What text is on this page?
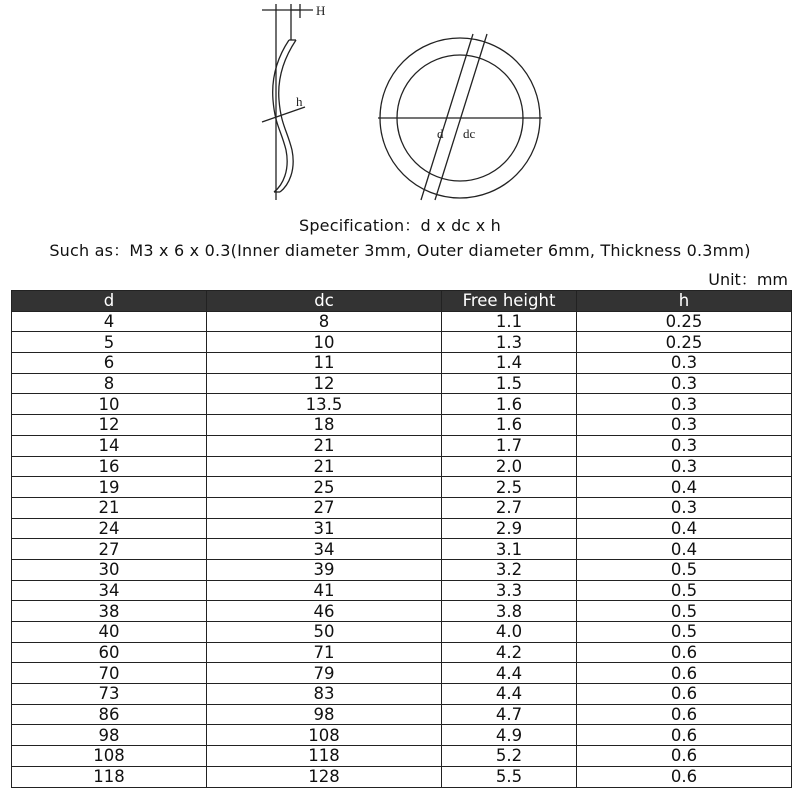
H
h
d dc
Specification：d x dc x h
Such as：M3 x 6 x 0.3(Inner diameter 3mm, Outer diameter 6mm, Thickness 0.3mm)
Unit：mm
d	dc	Free height	h
4	8	1.1	0.25
5	10	1.3	0.25
6	11	1.4	0.3
8	12	1.5	0.3
10	13.5	1.6	0.3
12	18	1.6	0.3
14	21	1.7	0.3
16	21	2.0	0.3
19	25	2.5	0.4
21	27	2.7	0.3
24	31	2.9	0.4
27	34	3.1	0.4
30	39	3.2	0.5
34	41	3.3	0.5
38	46	3.8	0.5
40	50	4.0	0.5
60	71	4.2	0.6
70	79	4.4	0.6
73	83	4.4	0.6
86	98	4.7	0.6
98	108	4.9	0.6
108	118	5.2	0.6
118	128	5.5	0.6
